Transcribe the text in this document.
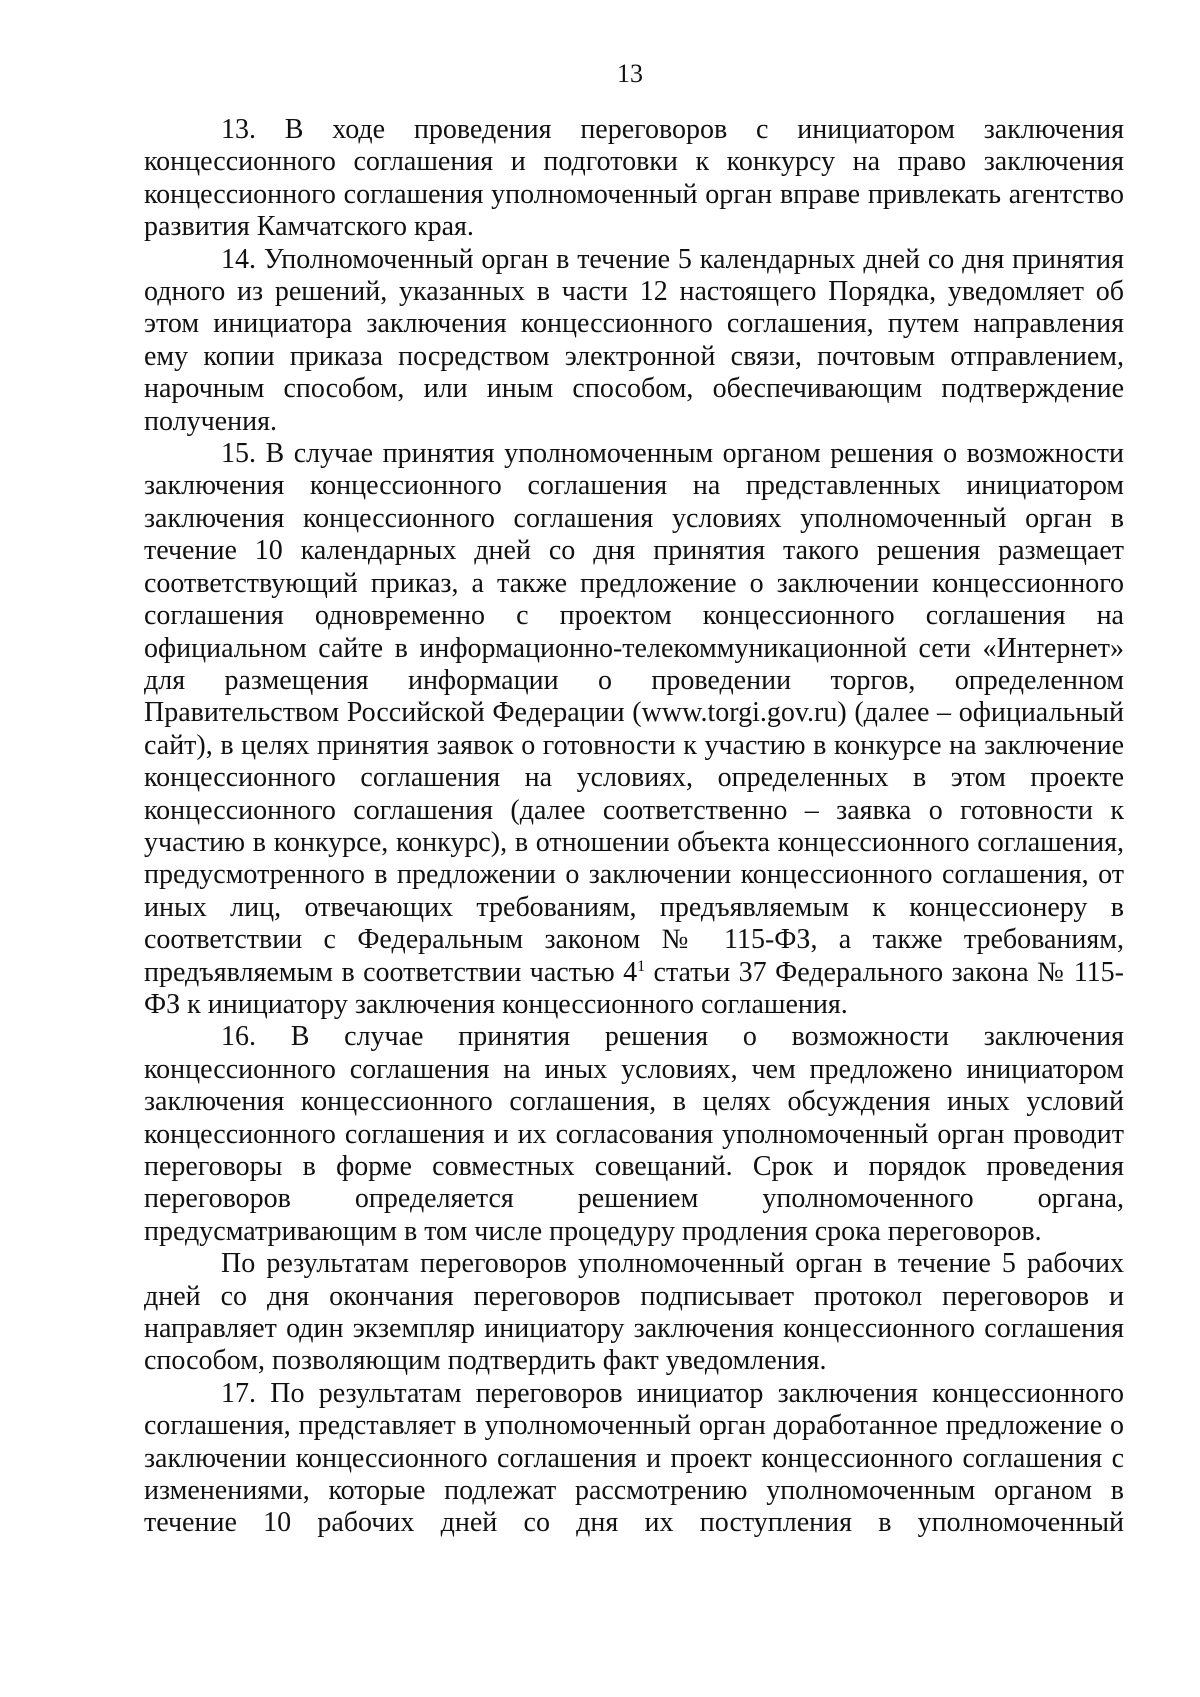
13

13. В ходе проведения переговоров с инициатором заключения концессионного соглашения и подготовки к конкурсу на право заключения концессионного соглашения уполномоченный орган вправе привлекать агентство развития Камчатского края.

14. Уполномоченный орган в течение 5 календарных дней со дня принятия одного из решений, указанных в части 12 настоящего Порядка, уведомляет об этом инициатора заключения концессионного соглашения, путем направления ему копии приказа посредством электронной связи, почтовым отправлением, нарочным способом, или иным способом, обеспечивающим подтверждение получения.

15. В случае принятия уполномоченным органом решения о возможности заключения концессионного соглашения на представленных инициатором заключения концессионного соглашения условиях уполномоченный орган в течение 10 календарных дней со дня принятия такого решения размещает соответствующий приказ, а также предложение о заключении концессионного соглашения одновременно с проектом концессионного соглашения на официальном сайте в информационно-телекоммуникационной сети «Интернет» для размещения информации о проведении торгов, определенном Правительством Российской Федерации (www.torgi.gov.ru) (далее – официальный сайт), в целях принятия заявок о готовности к участию в конкурсе на заключение концессионного соглашения на условиях, определенных в этом проекте концессионного соглашения (далее соответственно – заявка о готовности к участию в конкурсе, конкурс), в отношении объекта концессионного соглашения, предусмотренного в предложении о заключении концессионного соглашения, от иных лиц, отвечающих требованиям, предъявляемым к концессионеру в соответствии с Федеральным законом № 115-ФЗ, а также требованиям, предъявляемым в соответствии частью $4^1$ статьи 37 Федерального закона № 115-ФЗ к инициатору заключения концессионного соглашения.

16. В случае принятия решения о возможности заключения концессионного соглашения на иных условиях, чем предложено инициатором заключения концессионного соглашения, в целях обсуждения иных условий концессионного соглашения и их согласования уполномоченный орган проводит переговоры в форме совместных совещаний. Срок и порядок проведения переговоров определяется решением уполномоченного органа, предусматривающим в том числе процедуру продления срока переговоров.

По результатам переговоров уполномоченный орган в течение 5 рабочих дней со дня окончания переговоров подписывает протокол переговоров и направляет один экземпляр инициатору заключения концессионного соглашения способом, позволяющим подтвердить факт уведомления.

17. По результатам переговоров инициатор заключения концессионного соглашения, представляет в уполномоченный орган доработанное предложение о заключении концессионного соглашения и проект концессионного соглашения с изменениями, которые подлежат рассмотрению уполномоченным органом в течение 10 рабочих дней со дня их поступления в уполномоченный
